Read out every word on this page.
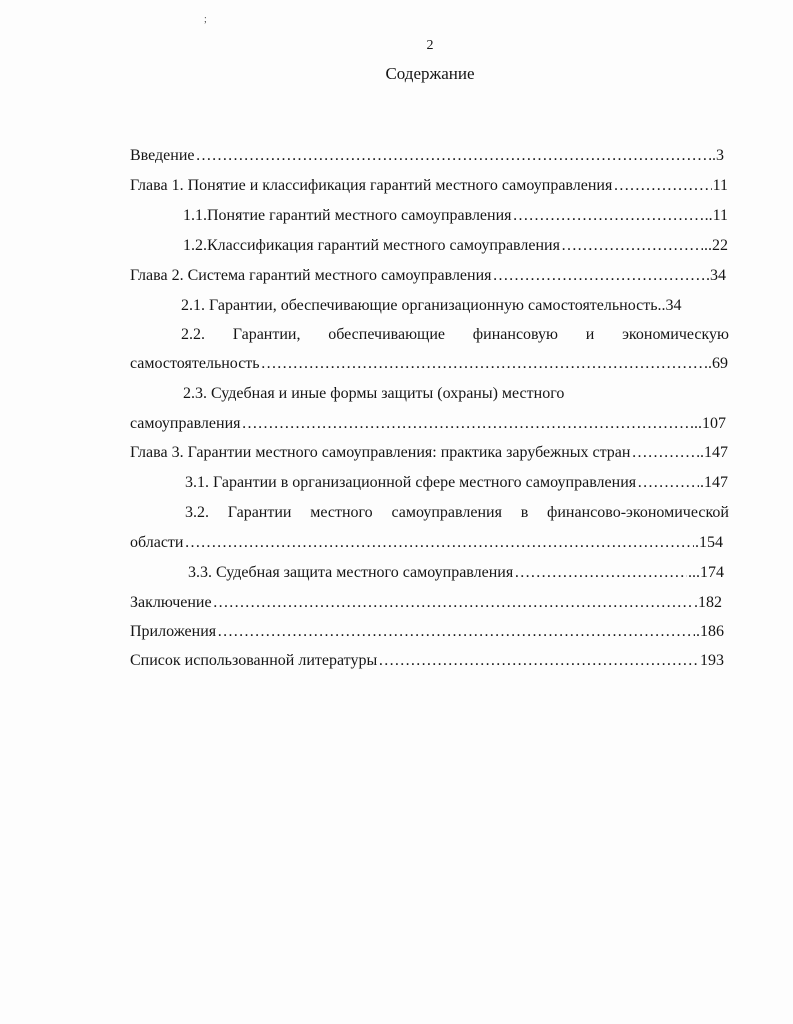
;
2
Содержание
Введение ……………………………………………………………………………………………………………………………………………………………………………………………………………	.3
Глава 1. Понятие и классификация гарантий местного самоуправления ……………………………………………………………………………………………………………………………………………………………………………………………………………	11
1.1.Понятие гарантий местного самоуправления ……………………………………………………………………………………………………………………………………………………………………………………………………………	..11
1.2.Классификация гарантий местного самоуправления ……………………………………………………………………………………………………………………………………………………………………………………………………………	..22
Глава 2. Система гарантий местного самоуправления ……………………………………………………………………………………………………………………………………………………………………………………………………………	.34
2.1. Гарантии, обеспечивающие организационную самостоятельность ..34
2.2. Гарантии, обеспечивающие финансовую и экономическую
самостоятельность ……………………………………………………………………………………………………………………………………………………………………………………………………………	.69
2.3. Судебная и иные формы защиты (охраны) местного
самоуправления ……………………………………………………………………………………………………………………………………………………………………………………………………………	...107
Глава 3. Гарантии местного самоуправления: практика зарубежных стран ……………………………………………………………………………………………………………………………………………………………………………………………………………	.147
3.1. Гарантии в организационной сфере местного самоуправления ……………………………………………………………………………………………………………………………………………………………………………………………………………	.147
3.2. Гарантии местного самоуправления в финансово-экономической
области ……………………………………………………………………………………………………………………………………………………………………………………………………………	.154
3.3. Судебная защита местного самоуправления ……………………………………………………………………………………………………………………………………………………………………………………………………………	...174
Заключение ……………………………………………………………………………………………………………………………………………………………………………………………………………	.182
Приложения ……………………………………………………………………………………………………………………………………………………………………………………………………………	.186
Список использованной литературы ……………………………………………………………………………………………………………………………………………………………………………………………………………	193
